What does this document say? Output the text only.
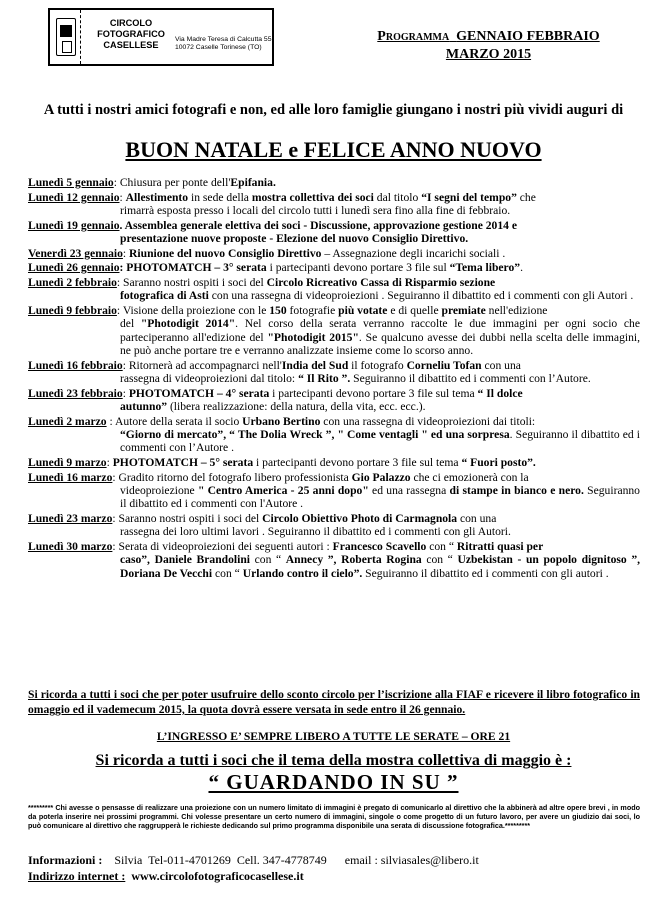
CIRCOLO
FOTOGRAFICO
CASELLESE
Via Madre Teresa di Calcutta 55
10072 Caselle Torinese (TO)
Programma GENNAIO FEBBRAIO
MARZO 2015
A tutti i nostri amici fotografi e non, ed alle loro famiglie giungano i nostri più vividi auguri di
BUON NATALE e FELICE ANNO NUOVO
Lunedì 5 gennaio: Chiusura per ponte dell'Epifania.
Lunedì 12 gennaio: Allestimento in sede della mostra collettiva dei soci dal titolo “I segni del tempo” che
rimarrà esposta presso i locali del circolo tutti i lunedì sera fino alla fine di febbraio.
Lunedì 19 gennaio. Assemblea generale elettiva dei soci - Discussione, approvazione gestione 2014 e
presentazione nuove proposte - Elezione del nuovo Consiglio Direttivo.
Venerdì 23 gennaio: Riunione del nuovo Consiglio Direttivo – Assegnazione degli incarichi sociali .
Lunedì 26 gennaio: PHOTOMATCH – 3° serata i partecipanti devono portare 3 file sul “Tema libero”.
Lunedì 2 febbraio: Saranno nostri ospiti i soci del Circolo Ricreativo Cassa di Risparmio sezione
fotografica di Asti con una rassegna di videoproiezioni . Seguiranno il dibattito ed i commenti con gli Autori .
Lunedì 9 febbraio: Visione della proiezione con le 150 fotografie più votate e di quelle premiate nell'edizione
del "Photodigit 2014". Nel corso della serata verranno raccolte le due immagini per ogni socio che parteciperanno all'edizione del "Photodigit 2015". Se qualcuno avesse dei dubbi nella scelta delle immagini, ne può anche portare tre e verranno analizzate insieme come lo scorso anno.
Lunedì 16 febbraio: Ritornerà ad accompagnarci nell'India del Sud il fotografo Corneliu Tofan con una
rassegna di videoproiezioni dal titolo: “ Il Rito ”. Seguiranno il dibattito ed i commenti con l’Autore.
Lunedì 23 febbraio: PHOTOMATCH – 4° serata i partecipanti devono portare 3 file sul tema “ Il dolce
autunno” (libera realizzazione: della natura, della vita, ecc. ecc.).
Lunedì 2 marzo : Autore della serata il socio Urbano Bertino con una rassegna di videoproiezioni dai titoli:
“Giorno di mercato”, “ The Dolia Wreck ”, " Come ventagli " ed una sorpresa. Seguiranno il dibattito ed i commenti con l’Autore .
Lunedì 9 marzo: PHOTOMATCH – 5° serata i partecipanti devono portare 3 file sul tema “ Fuori posto”.
Lunedì 16 marzo: Gradito ritorno del fotografo libero professionista Gio Palazzo che ci emozionerà con la
videoproiezione " Centro America - 25 anni dopo" ed una rassegna di stampe in bianco e nero. Seguiranno il dibattito ed i commenti con l'Autore .
Lunedì 23 marzo: Saranno nostri ospiti i soci del Circolo Obiettivo Photo di Carmagnola con una
rassegna dei loro ultimi lavori . Seguiranno il dibattito ed i commenti con gli Autori.
Lunedì 30 marzo: Serata di videoproiezioni dei seguenti autori : Francesco Scavello con “ Ritratti quasi per
caso”, Daniele Brandolini con “ Annecy ”, Roberta Rogina con “ Uzbekistan - un popolo dignitoso ”, Doriana De Vecchi con “ Urlando contro il cielo”. Seguiranno il dibattito ed i commenti con gli autori .
Si ricorda a tutti i soci che per poter usufruire dello sconto circolo per l’iscrizione alla FIAF e ricevere il libro fotografico in omaggio ed il vademecum 2015, la quota dovrà essere versata in sede entro il 26 gennaio.
L’INGRESSO E’ SEMPRE LIBERO A TUTTE LE SERATE – ORE 21
Si ricorda a tutti i soci che il tema della mostra collettiva di maggio è :
“ GUARDANDO IN SU ”
********* Chi avesse o pensasse di realizzare una proiezione con un numero limitato di immagini è pregato di comunicarlo al direttivo che la abbinerà ad altre opere brevi , in modo da poterla inserire nei prossimi programmi. Chi volesse presentare un certo numero di immagini, singole o come progetto di un futuro lavoro, per avere un giudizio dai soci, lo può comunicare al direttivo che raggrupperà le richieste dedicando sul primo programma disponibile una serata di discussione fotografica.*********
Informazioni :    Silvia  Tel-011-4701269  Cell. 347-4778749      email : silviasales@libero.it
Indirizzo internet :  www.circolofotograficocasellese.it
